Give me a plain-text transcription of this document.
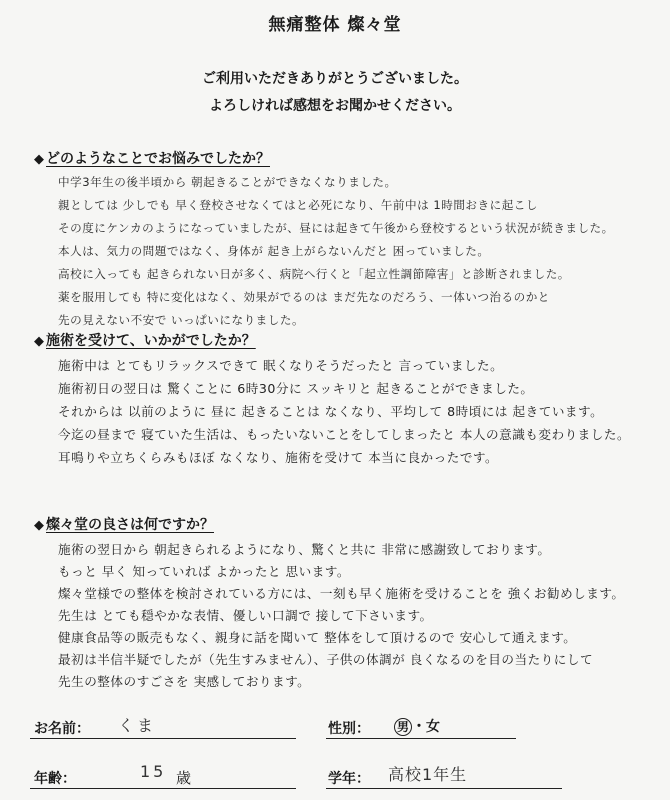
無痛整体 燦々堂
ご利用いただきありがとうございました。
よろしければ感想をお聞かせください。
◆ どのようなことでお悩みでしたか？
中学3年生の後半頃から 朝起きることができなくなりました。
親としては 少しでも 早く登校させなくてはと必死になり、午前中は 1時間おきに起こし
その度にケンカのようになっていましたが、昼には起きて午後から登校するという状況が続きました。
本人は、気力の問題ではなく、身体が 起き上がらないんだと 困っていました。
高校に入っても 起きられない日が多く、病院へ行くと「起立性調節障害」と診断されました。
薬を服用しても 特に変化はなく、効果がでるのは まだ先なのだろう、一体いつ治るのかと
先の見えない不安で いっぱいになりました。
◆ 施術を受けて、いかがでしたか？
施術中は とてもリラックスできて 眠くなりそうだったと 言っていました。
施術初日の翌日は 驚くことに 6時30分に スッキリと 起きることができました。
それからは 以前のように 昼に 起きることは なくなり、平均して 8時頃には 起きています。
今迄の昼まで 寝ていた生活は、もったいないことをしてしまったと 本人の意識も変わりました。
耳鳴りや立ちくらみもほぼ なくなり、施術を受けて 本当に良かったです。
◆ 燦々堂の良さは何ですか？
施術の翌日から 朝起きられるようになり、驚くと共に 非常に感謝致しております。
もっと 早く 知っていれば よかったと 思います。
燦々堂様での整体を検討されている方には、一刻も早く施術を受けることを 強くお勧めします。
先生は とても穏やかな表情、優しい口調で 接して下さいます。
健康食品等の販売もなく、親身に話を聞いて 整体をして頂けるので 安心して通えます。
最初は半信半疑でしたが（先生すみません）、子供の体調が 良くなるのを目の当たりにして
先生の整体のすごさを 実感しております。
お名前： くま	性別： 男 ・女
年齢：	15 歳	学年： 高校1年生
